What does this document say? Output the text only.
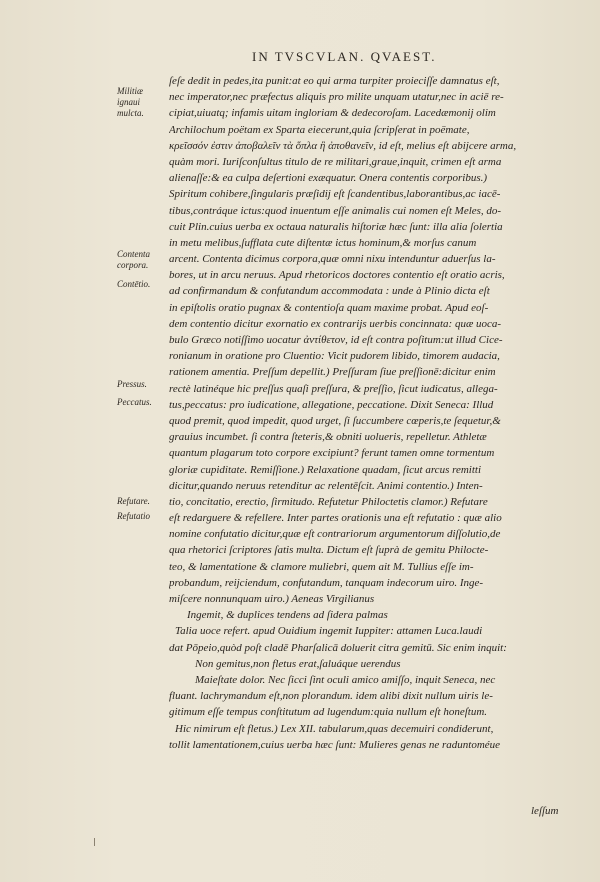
IN TVSCVLAN. QVAEST.
Militiæ ignaui mulcta.
Contenta corpora.
Contētio.
Pressus.
Peccatus.
Refutare.
Refutatio
ſeſe dedit in pedes,ita punit:at eo qui arma turpiter proieciſſe damnatus eſt,
nec imperator,nec præfectus aliquis pro milite unquam utatur,nec in aciē re-
cipiat,uiuatq; infamis uitam ingloriam & dedecoroſam. Lacedæmonij olim
Archilochum poëtam ex Sparta eiecerunt,quia ſcripſerat in poëmate,
κρεῖσσόν ἐστιν ἀποβαλεῖν τὰ ὅπλα ἢ ἀποθανεῖν, id eſt, melius eſt abijcere arma,
quàm mori. Iuriſconſultus titulo de re militari,graue,inquit, crimen eſt arma
alienaſſe:& ea culpa deſertioni exæquatur. Onera contentis corporibus.)
Spiritum cohibere,ſingularis præſidij eſt ſcandentibus,laborantibus,ac iacē-
tibus,contráque ictus:quod inuentum eſſe animalis cui nomen eſt Meles, do-
cuit Plin.cuius uerba ex octaua naturalis hiſtoriæ hæc ſunt: illa alia ſolertia
in metu melibus,ſufflata cute diſtentæ ictus hominum,& morſus canum
arcent. Contenta dicimus corpora,quæ omni nixu intenduntur aduerſus la-
bores, ut in arcu neruus. Apud rhetoricos doctores contentio eſt oratio acris,
ad confirmandum & confutandum accommodata : unde à Plinio dicta eſt
in epiſtolis oratio pugnax & contentioſa quam maxime probat. Apud eoſ-
dem contentio dicitur exornatio ex contrarijs uerbis concinnata: quæ uoca-
bulo Græco notiſſimo uocatur ἀντίθετον, id eſt contra poſitum:ut illud Cice-
ronianum in oratione pro Cluentio: Vicit pudorem libido, timorem audacia,
rationem amentia. Preſſum depellit.) Preſſuram ſiue preſſionē:dicitur enim
rectè latinéque hic preſſus quaſi preſſura, & preſſio, ſicut iudicatus, allega-
tus,peccatus: pro iudicatione, allegatione, peccatione. Dixit Seneca: Illud
quod premit, quod impedit, quod urget, ſi ſuccumbere cœperis,te ſequetur,&
grauius incumbet. ſi contra ſteteris,& obniti uolueris, repelletur. Athletæ
quantum plagarum toto corpore excipiunt? ferunt tamen omne tormentum
gloriæ cupiditate. Remiſſione.) Relaxatione quadam, ſicut arcus remitti
dicitur,quando neruus retenditur ac relentēſcit. Animi contentio.) Inten-
tio, concitatio, erectio, ſirmitudo. Refutetur Philoctetis clamor.) Refutare
eſt redarguere & refellere. Inter partes orationis una eſt refutatio : quæ alio
nomine confutatio dicitur,quæ eſt contrariorum argumentorum diſſolutio,de
qua rhetorici ſcriptores ſatis multa. Dictum eſt ſuprà de gemitu Philocte-
teo, & lamentatione & clamore muliebri, quem ait M. Tullius eſſe im-
probandum, reijciendum, confutandum, tanquam indecorum uiro. Inge-
miſcere nonnunquam uiro.) Aeneas Virgilianus
Ingemit, & duplices tendens ad ſidera palmas
Talia uoce refert. apud Ouidium ingemit Iuppiter: attamen Luca.laudi
dat Pōpeio,quòd poſt cladē Pharſalicā doluerit citra gemitū. Sic enim inquit:
Non gemitus,non fletus erat,ſaluáque uerendus
Maieſtate dolor. Nec ſicci ſint oculi amico amiſſo, inquit Seneca, nec
fluant. lachrymandum eſt,non plorandum. idem alibi dixit nullum uiris le-
gitimum eſſe tempus conſtitutum ad lugendum:quia nullum eſt honeſtum.
Hic nimirum eſt fletus.) Lex XII. tabularum,quas decemuiri condiderunt,
tollit lamentationem,cuius uerba hæc ſunt: Mulieres genas ne raduntoméue
leſſum
